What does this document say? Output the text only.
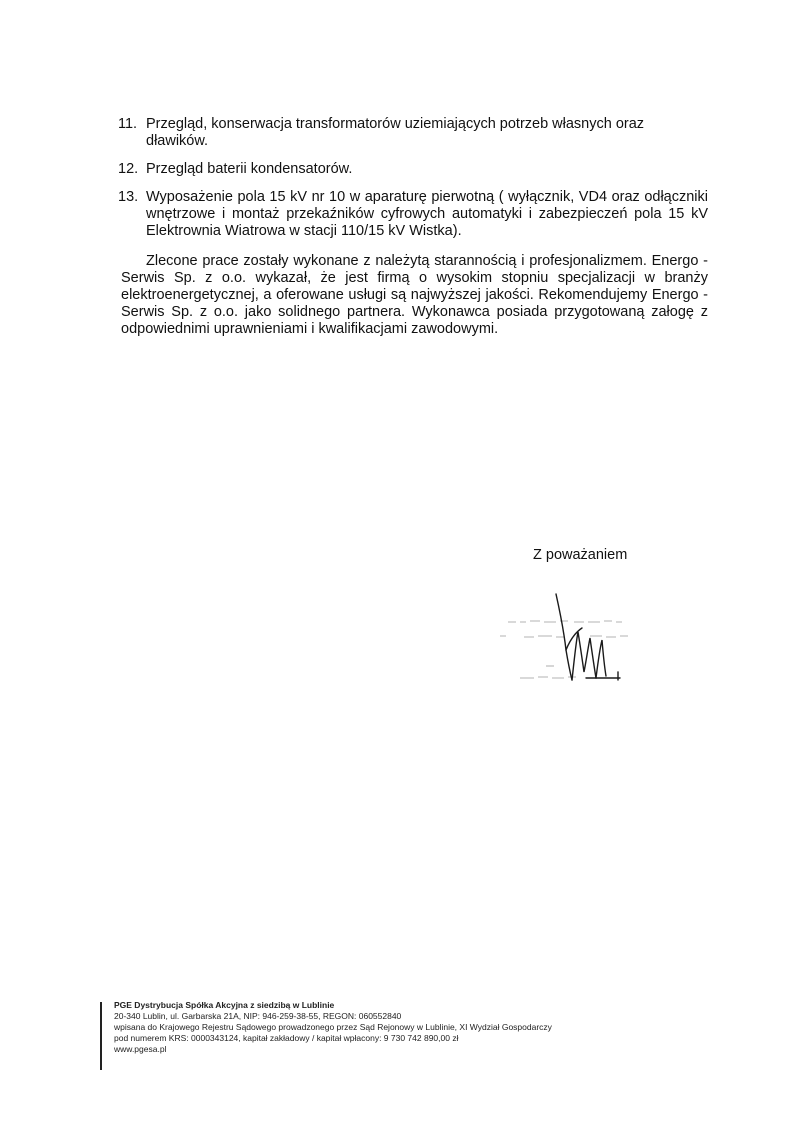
11. Przegląd, konserwacja transformatorów uziemiających potrzeb własnych oraz dławików.
12. Przegląd baterii kondensatorów.
13. Wyposażenie pola 15 kV nr 10 w aparaturę pierwotną ( wyłącznik, VD4 oraz odłączniki wnętrzowe i montaż przekaźników cyfrowych automatyki i zabezpieczeń pola 15 kV Elektrownia Wiatrowa w stacji 110/15 kV Wistka).
Zlecone prace zostały wykonane z należytą starannością i profesjonalizmem. Energo - Serwis Sp. z o.o. wykazał, że jest firmą o wysokim stopniu specjalizacji w branży elektroenergetycznej, a oferowane usługi są najwyższej jakości. Rekomendujemy Energo - Serwis Sp. z o.o. jako solidnego partnera. Wykonawca posiada przygotowaną załogę z odpowiednimi uprawnieniami i kwalifikacjami zawodowymi.
Z poważaniem
PGE Dystrybucja Spółka Akcyjna z siedzibą w Lublinie
20-340 Lublin, ul. Garbarska 21A, NIP: 946-259-38-55, REGON: 060552840
wpisana do Krajowego Rejestru Sądowego prowadzonego przez Sąd Rejonowy w Lublinie, XI Wydział Gospodarczy
pod numerem KRS: 0000343124, kapitał zakładowy / kapitał wpłacony: 9 730 742 890,00 zł
www.pgesa.pl
